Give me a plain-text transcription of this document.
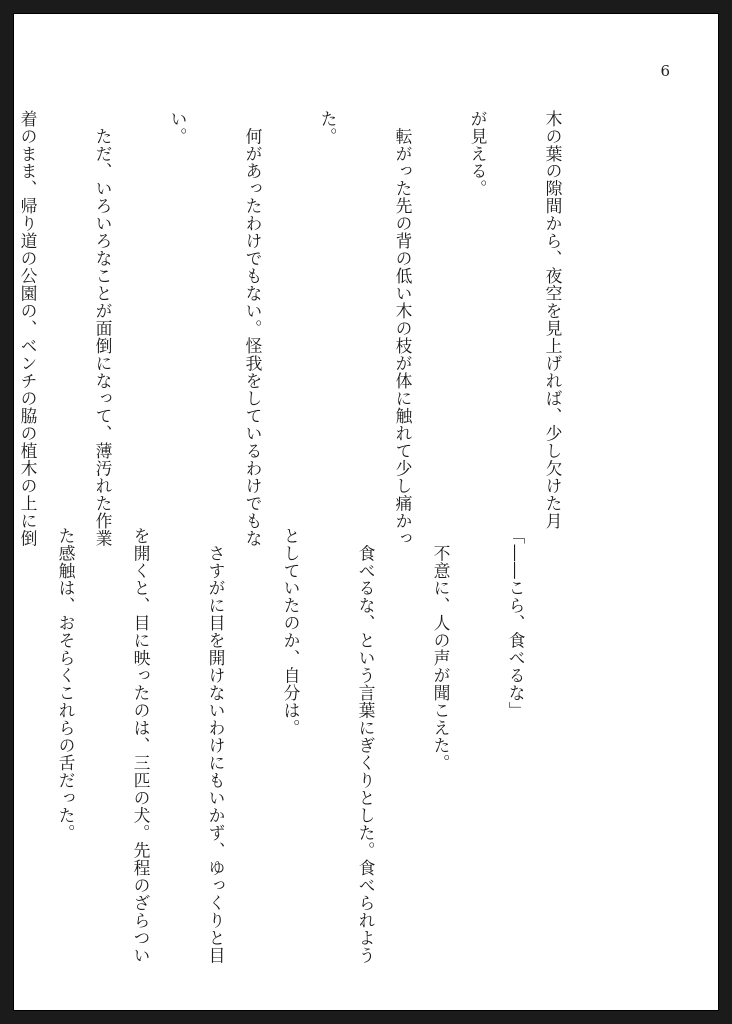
6

木の葉の隙間から、夜空を見上げれば、少し欠けた月

が見える。

　転がった先の背の低い木の枝が体に触れて少し痛かっ

た。

　何があったわけでもない。怪我をしているわけでもな

い。

　ただ、いろいろなことが面倒になって、薄汚れた作業

着のまま、帰り道の公園の、ベンチの脇の植木の上に倒

「――こら、食べるな」

　不意に、人の声が聞こえた。

　食べるな、という言葉にぎくりとした。食べられよう

としていたのか、自分は。

　さすがに目を開けないわけにもいかず、ゆっくりと目

を開くと、目に映ったのは、三匹の犬。先程のざらつい

た感触は、おそらくこれらの舌だった。
